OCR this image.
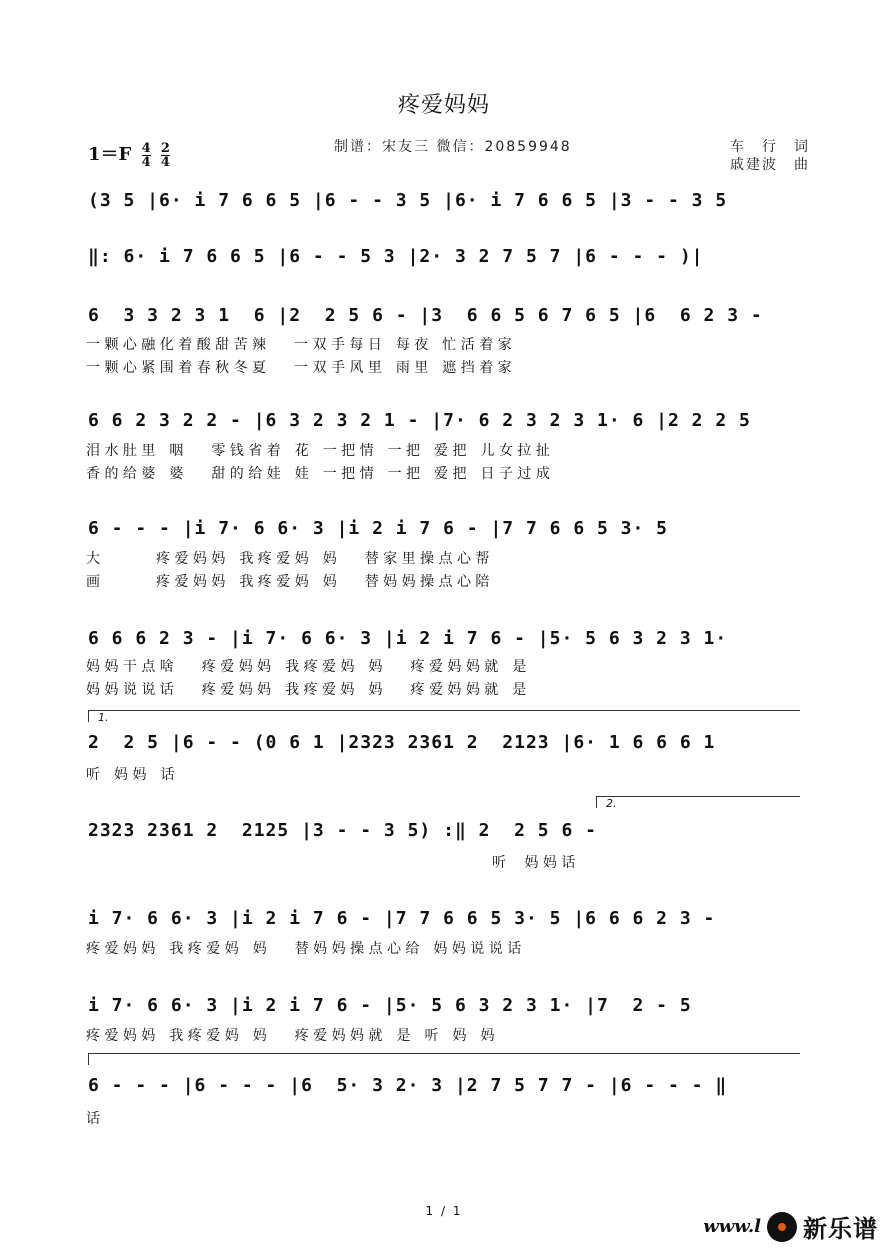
疼爱妈妈
$1=F \frac{4}{4}$
$\frac{2}{4}$	制谱：宋友三 微信：20859948	车　行　词
戚建波　曲
(3 5 |6· i 7 6 6 5 |6 - - 3 5 |6· i 7 6 6 5 |3 - - 3 5
‖: 6· i 7 6 6 5 |6 - - 5 3 |2· 3 2 7 5 7 |6 - - - )|
6  3 3 2 3 1  6 |2  2 5 6 - |3  6 6 5 6 7 6 5 |6  6 2 3 -
一 颗 心 融 化 着 酸 甜 苦 辣　　一 双 手 每 日　每 夜　忙 活 着 家
一 颗 心 紧 围 着 春 秋 冬 夏　　一 双 手 风 里　雨 里　遮 挡 着 家
6 6 2 3 2 2 - |6 3 2 3 2 1 - |7· 6 2 3 2 3 1· 6 |2 2 2 5
泪 水 肚 里　咽　　零 钱 省 着　花　一 把 情　一 把　爱 把　儿 女 拉 扯
香 的 给 婆　婆　　甜 的 给 娃　娃　一 把 情　一 把　爱 把　日 子 过 成
6 - - - |i 7· 6 6· 3 |i 2 i 7 6 - |7 7 6 6 5 3· 5
大　　　　疼 爱 妈 妈　我 疼 爱 妈　妈　　替 家 里 操 点 心 帮
画　　　　疼 爱 妈 妈　我 疼 爱 妈　妈　　替 妈 妈 操 点 心 陪
6 6 6 2 3 - |i 7· 6 6· 3 |i 2 i 7 6 - |5· 5 6 3 2 3 1·
妈 妈 干 点 啥　　疼 爱 妈 妈　我 疼 爱 妈　妈　　疼 爱 妈 妈 就　是
妈 妈 说 说 话　　疼 爱 妈 妈　我 疼 爱 妈　妈　　疼 爱 妈 妈 就　是
1.
2  2 5 |6 - - (0 6 1 |2323 2361 2  2123 |6· 1 6 6 6 1
听　妈 妈　话
2.
2323 2361 2  2125 |3 - - 3 5) :‖ 2  2 5 6 -
　　　　　　　　　　　　　　　　　　　　　　　　　　　　　听　 妈 妈 话
i 7· 6 6· 3 |i 2 i 7 6 - |7 7 6 6 5 3· 5 |6 6 6 2 3 -
疼 爱 妈 妈　我 疼 爱 妈　妈　　替 妈 妈 操 点 心 给　妈 妈 说 说 话
i 7· 6 6· 3 |i 2 i 7 6 - |5· 5 6 3 2 3 1· |7  2 - 5
疼 爱 妈 妈　我 疼 爱 妈　妈　　疼 爱 妈 妈 就　是　听　妈　妈
6 - - - |6 - - - |6  5· 3 2· 3 |2 7 5 7 7 - |6 - - - ‖
话
1 / 1
www.l 新乐谱
